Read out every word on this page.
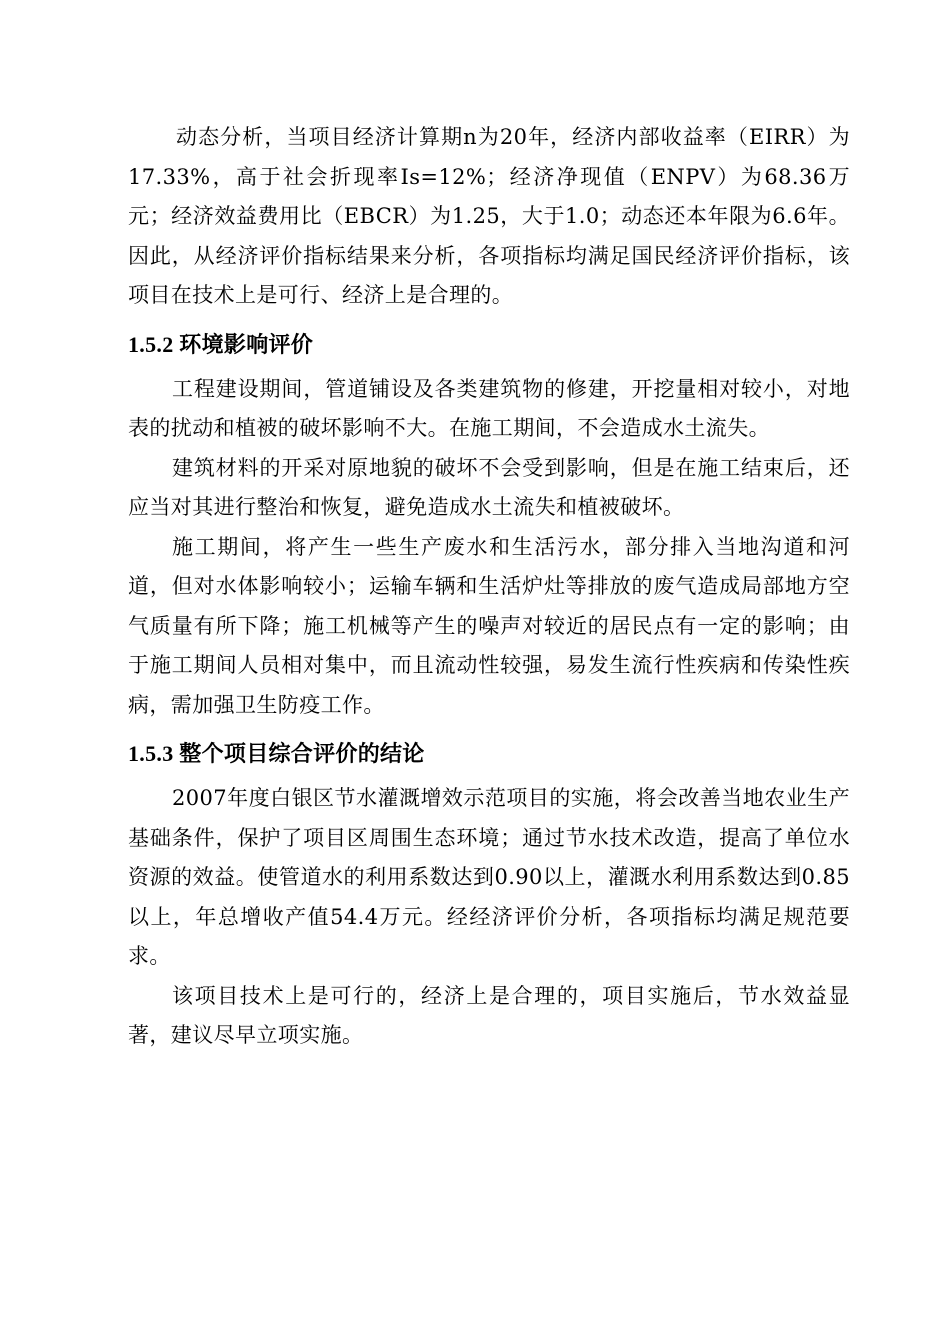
动态分析，当项目经济计算期n为20年，经济内部收益率（EIRR）为17.33%，高于社会折现率Is=12%；经济净现值（ENPV）为68.36万元；经济效益费用比（EBCR）为1.25，大于1.0；动态还本年限为6.6年。因此，从经济评价指标结果来分析，各项指标均满足国民经济评价指标，该项目在技术上是可行、经济上是合理的。

1.5.2 环境影响评价

工程建设期间，管道铺设及各类建筑物的修建，开挖量相对较小，对地表的扰动和植被的破坏影响不大。在施工期间，不会造成水土流失。

建筑材料的开采对原地貌的破坏不会受到影响，但是在施工结束后，还应当对其进行整治和恢复，避免造成水土流失和植被破坏。

施工期间，将产生一些生产废水和生活污水，部分排入当地沟道和河道，但对水体影响较小；运输车辆和生活炉灶等排放的废气造成局部地方空气质量有所下降；施工机械等产生的噪声对较近的居民点有一定的影响；由于施工期间人员相对集中，而且流动性较强，易发生流行性疾病和传染性疾病，需加强卫生防疫工作。

1.5.3 整个项目综合评价的结论

2007年度白银区节水灌溉增效示范项目的实施，将会改善当地农业生产基础条件，保护了项目区周围生态环境；通过节水技术改造，提高了单位水资源的效益。使管道水的利用系数达到0.90以上，灌溉水利用系数达到0.85以上，年总增收产值54.4万元。经经济评价分析，各项指标均满足规范要求。

该项目技术上是可行的，经济上是合理的，项目实施后，节水效益显著，建议尽早立项实施。
